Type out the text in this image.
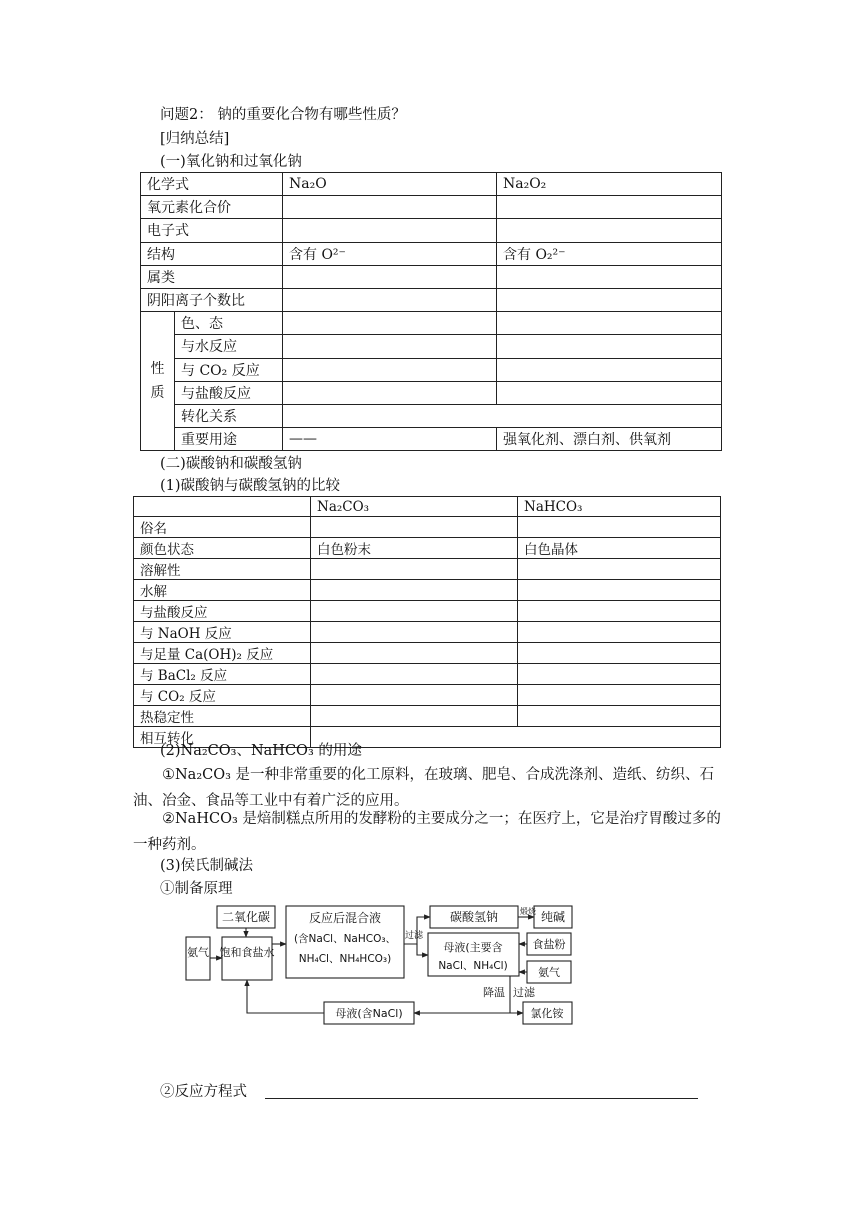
问题2： 钠的重要化合物有哪些性质？
[归纳总结]
(一)氧化钠和过氧化钠
化学式		Na₂O	Na₂O₂
氧元素化合价			
电子式			
结构		含有 O²⁻	含有 O₂²⁻
属类			
阴阳离子个数比			
性质	色、态		
	与水反应		
	与 CO₂ 反应		
	与盐酸反应		
	转化关系		
	重要用途	——	强氧化剂、漂白剂、供氧剂
(二)碳酸钠和碳酸氢钠
(1)碳酸钠与碳酸氢钠的比较
	Na₂CO₃	NaHCO₃
俗名		
颜色状态	白色粉末	白色晶体
溶解性		
水解		
与盐酸反应		
与 NaOH 反应		
与足量 Ca(OH)₂ 反应		
与 BaCl₂ 反应		
与 CO₂ 反应		
热稳定性		
相互转化		
(2)Na₂CO₃、NaHCO₃ 的用途
①Na₂CO₃ 是一种非常重要的化工原料，在玻璃、肥皂、合成洗涤剂、造纸、纺织、石油、冶金、食品等工业中有着广泛的应用。
②NaHCO₃ 是焙制糕点所用的发酵粉的主要成分之一；在医疗上，它是治疗胃酸过多的一种药剂。
(3)侯氏制碱法
①制备原理
二氧化碳
氨气 饱和食盐水
反应后混合液
(含NaCl、NaHCO₃、
NH₄Cl、NH₄HCO₃)
过滤
碳酸氢钠	煅烧 纯碱
母液(主要含
NaCl、NH₄Cl)
食盐粉
氨气
降温 过滤
氯化铵
母液(含NaCl)
②反应方程式
